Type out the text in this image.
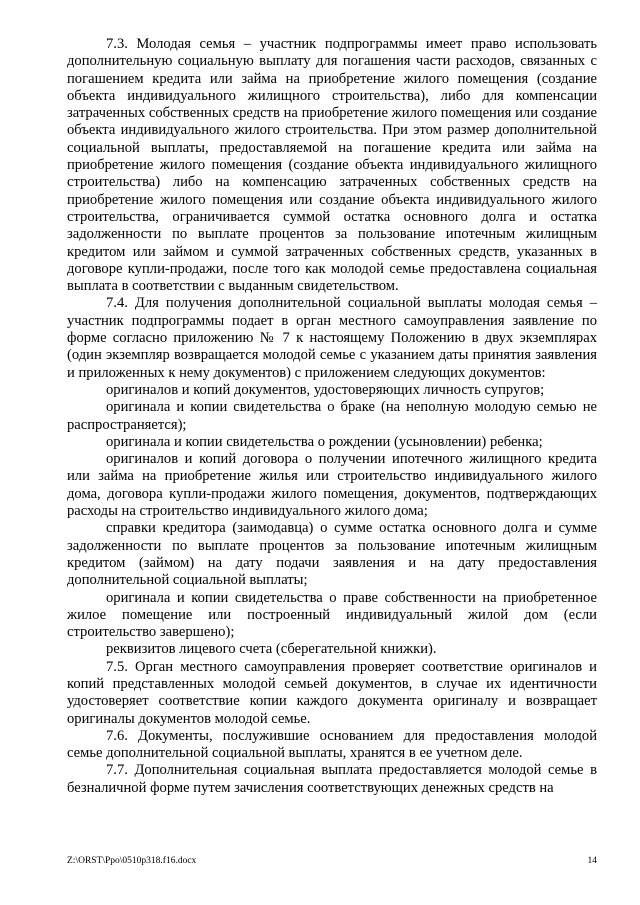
7.3. Молодая семья – участник подпрограммы имеет право использовать дополнительную социальную выплату для погашения части расходов, связанных с погашением кредита или займа на приобретение жилого помещения (создание объекта индивидуального жилищного строительства), либо для компенсации затраченных собственных средств на приобретение жилого помещения или создание объекта индивидуального жилого строительства. При этом размер дополнительной социальной выплаты, предоставляемой на погашение кредита или займа на приобретение жилого помещения (создание объекта индивидуального жилищного строительства) либо на компенсацию затраченных собственных средств на приобретение жилого помещения или создание объекта индивидуального жилого строительства, ограничивается суммой остатка основного долга и остатка задолженности по выплате процентов за пользование ипотечным жилищным кредитом или займом и суммой затраченных собственных средств, указанных в договоре купли-продажи, после того как молодой семье предоставлена социальная выплата в соответствии с выданным свидетельством.

7.4. Для получения дополнительной социальной выплаты молодая семья – участник подпрограммы подает в орган местного самоуправления заявление по форме согласно приложению № 7 к настоящему Положению в двух экземплярах (один экземпляр возвращается молодой семье с указанием даты принятия заявления и приложенных к нему документов) с приложением следующих документов:

оригиналов и копий документов, удостоверяющих личность супругов;

оригинала и копии свидетельства о браке (на неполную молодую семью не распространяется);

оригинала и копии свидетельства о рождении (усыновлении) ребенка;

оригиналов и копий договора о получении ипотечного жилищного кредита или займа на приобретение жилья или строительство индивидуального жилого дома, договора купли-продажи жилого помещения, документов, подтверждающих расходы на строительство индивидуального жилого дома;

справки кредитора (заимодавца) о сумме остатка основного долга и сумме задолженности по выплате процентов за пользование ипотечным жилищным кредитом (займом) на дату подачи заявления и на дату предоставления дополнительной социальной выплаты;

оригинала и копии свидетельства о праве собственности на приобретенное жилое помещение или построенный индивидуальный жилой дом (если строительство завершено);

реквизитов лицевого счета (сберегательной книжки).

7.5. Орган местного самоуправления проверяет соответствие оригиналов и копий представленных молодой семьей документов, в случае их идентичности удостоверяет соответствие копии каждого документа оригиналу и возвращает оригиналы документов молодой семье.

7.6. Документы, послужившие основанием для предоставления молодой семье дополнительной социальной выплаты, хранятся в ее учетном деле.

7.7. Дополнительная социальная выплата предоставляется молодой семье в безналичной форме путем зачисления соответствующих денежных средств на

Z:\ORST\Ppo\0510p318.f16.docx	14
